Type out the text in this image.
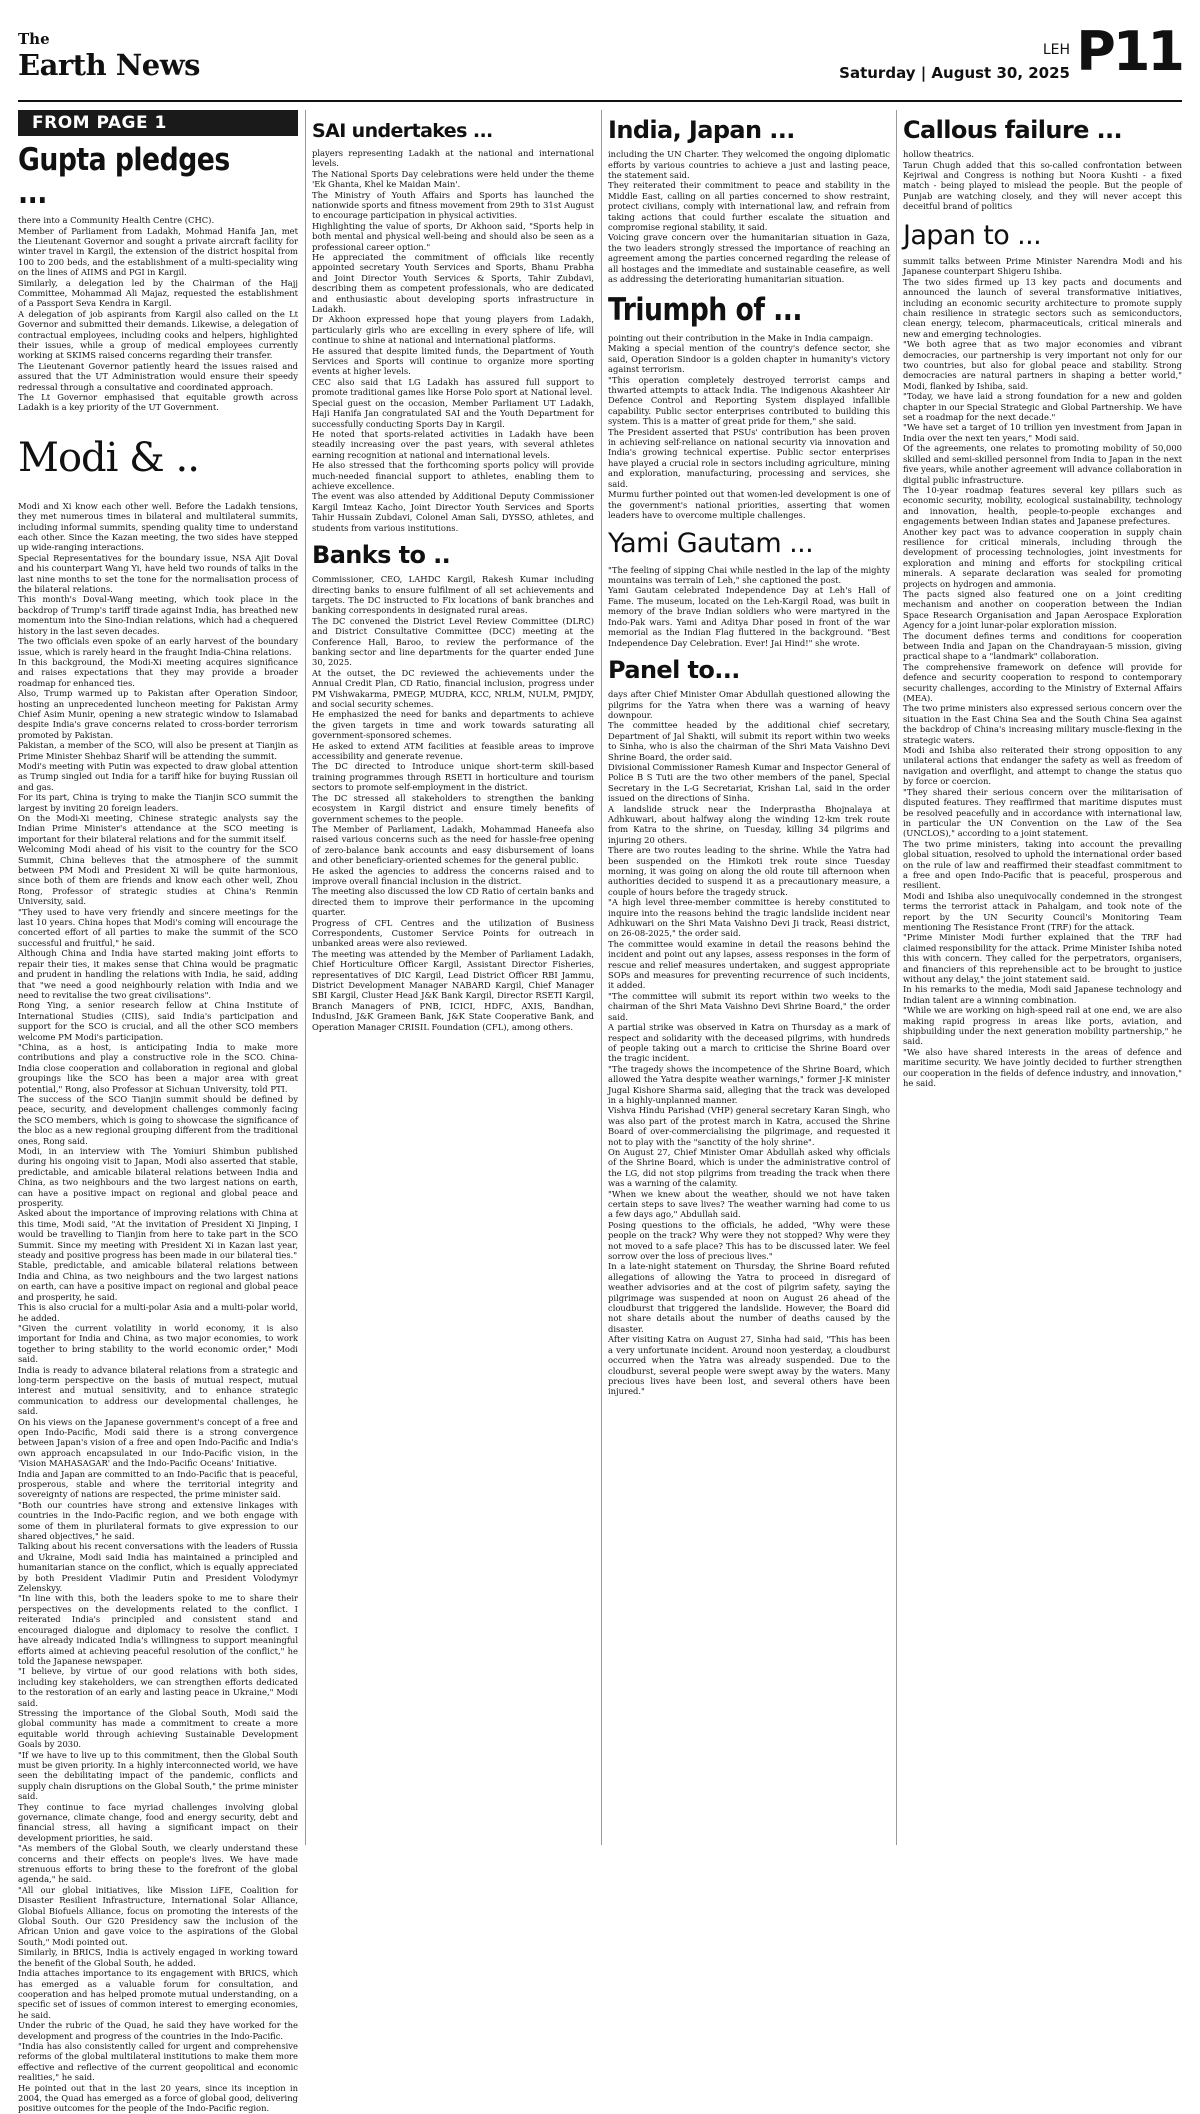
The
Earth News	LEH
Saturday | August 30, 2025 P11
FROM PAGE 1
Gupta pledges ...

there into a Community Health Centre (CHC).
Member of Parliament from Ladakh, Mohmad Hanifa Jan, met the Lieutenant Governor and sought a private aircraft facility for winter travel in Kargil, the extension of the district hospital from 100 to 200 beds, and the establishment of a multi-speciality wing on the lines of AIIMS and PGI in Kargil.
Similarly, a delegation led by the Chairman of the Hajj Committee, Mohammad Ali Majaz, requested the establishment of a Passport Seva Kendra in Kargil.
A delegation of job aspirants from Kargil also called on the Lt Governor and submitted their demands. Likewise, a delegation of contractual employees, including cooks and helpers, highlighted their issues, while a group of medical employees currently working at SKIMS raised concerns regarding their transfer.
The Lieutenant Governor patiently heard the issues raised and assured that the UT Administration would ensure their speedy redressal through a consultative and coordinated approach.
The Lt Governor emphasised that equitable growth across Ladakh is a key priority of the UT Government.

Modi & ..

Modi and Xi know each other well. Before the Ladakh tensions, they met numerous times in bilateral and multilateral summits, including informal summits, spending quality time to understand each other. Since the Kazan meeting, the two sides have stepped up wide-ranging interactions.
Special Representatives for the boundary issue, NSA Ajit Doval and his counterpart Wang Yi, have held two rounds of talks in the last nine months to set the tone for the normalisation process of the bilateral relations.
This month's Doval-Wang meeting, which took place in the backdrop of Trump's tariff tirade against India, has breathed new momentum into the Sino-Indian relations, which had a chequered history in the last seven decades.
The two officials even spoke of an early harvest of the boundary issue, which is rarely heard in the fraught India-China relations.
In this background, the Modi-Xi meeting acquires significance and raises expectations that they may provide a broader roadmap for enhanced ties.
Also, Trump warmed up to Pakistan after Operation Sindoor, hosting an unprecedented luncheon meeting for Pakistan Army Chief Asim Munir, opening a new strategic window to Islamabad despite India's grave concerns related to cross-border terrorism promoted by Pakistan.
Pakistan, a member of the SCO, will also be present at Tianjin as Prime Minister Shehbaz Sharif will be attending the summit.
Modi's meeting with Putin was expected to draw global attention as Trump singled out India for a tariff hike for buying Russian oil and gas.
For its part, China is trying to make the Tianjin SCO summit the largest by inviting 20 foreign leaders.
On the Modi-Xi meeting, Chinese strategic analysts say the Indian Prime Minister's attendance at the SCO meeting is important for their bilateral relations and for the summit itself.
Welcoming Modi ahead of his visit to the country for the SCO Summit, China believes that the atmosphere of the summit between PM Modi and President Xi will be quite harmonious, since both of them are friends and know each other well, Zhou Rong, Professor of strategic studies at China's Renmin University, said.
"They used to have very friendly and sincere meetings for the last 10 years. China hopes that Modi's coming will encourage the concerted effort of all parties to make the summit of the SCO successful and fruitful," he said.
Although China and India have started making joint efforts to repair their ties, it makes sense that China would be pragmatic and prudent in handling the relations with India, he said, adding that "we need a good neighbourly relation with India and we need to revitalise the two great civilisations".
Rong Ying, a senior research fellow at China Institute of International Studies (CIIS), said India's participation and support for the SCO is crucial, and all the other SCO members welcome PM Modi's participation.
"China, as a host, is anticipating India to make more contributions and play a constructive role in the SCO. China-India close cooperation and collaboration in regional and global groupings like the SCO has been a major area with great potential," Rong, also Professor at Sichuan University, told PTI.
The success of the SCO Tianjin summit should be defined by peace, security, and development challenges commonly facing the SCO members, which is going to showcase the significance of the bloc as a new regional grouping different from the traditional ones, Rong said.
Modi, in an interview with The Yomiuri Shimbun published during his ongoing visit to Japan, Modi also asserted that stable, predictable, and amicable bilateral relations between India and China, as two neighbours and the two largest nations on earth, can have a positive impact on regional and global peace and prosperity.
Asked about the importance of improving relations with China at this time, Modi said, "At the invitation of President Xi Jinping, I would be travelling to Tianjin from here to take part in the SCO Summit. Since my meeting with President Xi in Kazan last year, steady and positive progress has been made in our bilateral ties."
Stable, predictable, and amicable bilateral relations between India and China, as two neighbours and the two largest nations on earth, can have a positive impact on regional and global peace and prosperity, he said.
This is also crucial for a multi-polar Asia and a multi-polar world, he added.
"Given the current volatility in world economy, it is also important for India and China, as two major economies, to work together to bring stability to the world economic order," Modi said.
India is ready to advance bilateral relations from a strategic and long-term perspective on the basis of mutual respect, mutual interest and mutual sensitivity, and to enhance strategic communication to address our developmental challenges, he said.
On his views on the Japanese government's concept of a free and open Indo-Pacific, Modi said there is a strong convergence between Japan's vision of a free and open Indo-Pacific and India's own approach encapsulated in our Indo-Pacific vision, in the 'Vision MAHASAGAR' and the Indo-Pacific Oceans' Initiative.
India and Japan are committed to an Indo-Pacific that is peaceful, prosperous, stable and where the territorial integrity and sovereignty of nations are respected, the prime minister said.
"Both our countries have strong and extensive linkages with countries in the Indo-Pacific region, and we both engage with some of them in plurilateral formats to give expression to our shared objectives," he said.
Talking about his recent conversations with the leaders of Russia and Ukraine, Modi said India has maintained a principled and humanitarian stance on the conflict, which is equally appreciated by both President Vladimir Putin and President Volodymyr Zelenskyy.
"In line with this, both the leaders spoke to me to share their perspectives on the developments related to the conflict. I reiterated India's principled and consistent stand and encouraged dialogue and diplomacy to resolve the conflict. I have already indicated India's willingness to support meaningful efforts aimed at achieving peaceful resolution of the conflict," he told the Japanese newspaper.
"I believe, by virtue of our good relations with both sides, including key stakeholders, we can strengthen efforts dedicated to the restoration of an early and lasting peace in Ukraine," Modi said.
Stressing the importance of the Global South, Modi said the global community has made a commitment to create a more equitable world through achieving Sustainable Development Goals by 2030.
"If we have to live up to this commitment, then the Global South must be given priority. In a highly interconnected world, we have seen the debilitating impact of the pandemic, conflicts and supply chain disruptions on the Global South," the prime minister said.
They continue to face myriad challenges involving global governance, climate change, food and energy security, debt and financial stress, all having a significant impact on their development priorities, he said.
"As members of the Global South, we clearly understand these concerns and their effects on people's lives. We have made strenuous efforts to bring these to the forefront of the global agenda," he said.
"All our global initiatives, like Mission LiFE, Coalition for Disaster Resilient Infrastructure, International Solar Alliance, Global Biofuels Alliance, focus on promoting the interests of the Global South. Our G20 Presidency saw the inclusion of the African Union and gave voice to the aspirations of the Global South," Modi pointed out.
Similarly, in BRICS, India is actively engaged in working toward the benefit of the Global South, he added.
India attaches importance to its engagement with BRICS, which has emerged as a valuable forum for consultation, and cooperation and has helped promote mutual understanding, on a specific set of issues of common interest to emerging economies, he said.
Under the rubric of the Quad, he said they have worked for the development and progress of the countries in the Indo-Pacific.
"India has also consistently called for urgent and comprehensive reforms of the global multilateral institutions to make them more effective and reflective of the current geopolitical and economic realities," he said.
He pointed out that in the last 20 years, since its inception in 2004, the Quad has emerged as a force of global good, delivering positive outcomes for the people of the Indo-Pacific region.

SAI undertakes ...

players representing Ladakh at the national and international levels.
The National Sports Day celebrations were held under the theme 'Ek Ghanta, Khel ke Maidan Main'.
The Ministry of Youth Affairs and Sports has launched the nationwide sports and fitness movement from 29th to 31st August to encourage participation in physical activities.
Highlighting the value of sports, Dr Akhoon said, "Sports help in both mental and physical well-being and should also be seen as a professional career option."
He appreciated the commitment of officials like recently appointed secretary Youth Services and Sports, Bhanu Prabha and Joint Director Youth Services & Sports, Tahir Zubdavi, describing them as competent professionals, who are dedicated and enthusiastic about developing sports infrastructure in Ladakh.
Dr Akhoon expressed hope that young players from Ladakh, particularly girls who are excelling in every sphere of life, will continue to shine at national and international platforms.
He assured that despite limited funds, the Department of Youth Services and Sports will continue to organize more sporting events at higher levels.
CEC also said that LG Ladakh has assured full support to promote traditional games like Horse Polo sport at National level.
Special guest on the occasion, Member Parliament UT Ladakh, Haji Hanifa Jan congratulated SAI and the Youth Department for successfully conducting Sports Day in Kargil.
He noted that sports-related activities in Ladakh have been steadily increasing over the past years, with several athletes earning recognition at national and international levels.
He also stressed that the forthcoming sports policy will provide much-needed financial support to athletes, enabling them to achieve excellence.
The event was also attended by Additional Deputy Commissioner Kargil Imteaz Kacho, Joint Director Youth Services and Sports Tahir Hussain Zubdavi, Colonel Aman Sali, DYSSO, athletes, and students from various institutions.

Banks to ..

Commissioner, CEO, LAHDC Kargil, Rakesh Kumar including directing banks to ensure fulfilment of all set achievements and targets. The DC instructed to Fix locations of bank branches and banking correspondents in designated rural areas.
The DC convened the District Level Review Committee (DLRC) and District Consultative Committee (DCC) meeting at the Conference Hall, Baroo, to review the performance of the banking sector and line departments for the quarter ended June 30, 2025.
At the outset, the DC reviewed the achievements under the Annual Credit Plan, CD Ratio, financial inclusion, progress under PM Vishwakarma, PMEGP, MUDRA, KCC, NRLM, NULM, PMJDY, and social security schemes.
He emphasized the need for banks and departments to achieve the given targets in time and work towards saturating all government-sponsored schemes.
He asked to extend ATM facilities at feasible areas to improve accessibility and generate revenue.
The DC directed to Introduce unique short-term skill-based training programmes through RSETI in horticulture and tourism sectors to promote self-employment in the district.
The DC stressed all stakeholders to strengthen the banking ecosystem in Kargil district and ensure timely benefits of government schemes to the people.
The Member of Parliament, Ladakh, Mohammad Haneefa also raised various concerns such as the need for hassle-free opening of zero-balance bank accounts and easy disbursement of loans and other beneficiary-oriented schemes for the general public.
He asked the agencies to address the concerns raised and to improve overall financial inclusion in the district.
The meeting also discussed the low CD Ratio of certain banks and directed them to improve their performance in the upcoming quarter.
Progress of CFL Centres and the utilization of Business Correspondents, Customer Service Points for outreach in unbanked areas were also reviewed.
The meeting was attended by the Member of Parliament Ladakh, Chief Horticulture Officer Kargil, Assistant Director Fisheries, representatives of DIC Kargil, Lead District Officer RBI Jammu, District Development Manager NABARD Kargil, Chief Manager SBI Kargil, Cluster Head J&K Bank Kargil, Director RSETI Kargil, Branch Managers of PNB, ICICI, HDFC, AXIS, Bandhan, IndusInd, J&K Grameen Bank, J&K State Cooperative Bank, and Operation Manager CRISIL Foundation (CFL), among others.

India, Japan ...

including the UN Charter. They welcomed the ongoing diplomatic efforts by various countries to achieve a just and lasting peace, the statement said.
They reiterated their commitment to peace and stability in the Middle East, calling on all parties concerned to show restraint, protect civilians, comply with international law, and refrain from taking actions that could further escalate the situation and compromise regional stability, it said.
Voicing grave concern over the humanitarian situation in Gaza, the two leaders strongly stressed the importance of reaching an agreement among the parties concerned regarding the release of all hostages and the immediate and sustainable ceasefire, as well as addressing the deteriorating humanitarian situation.

Triumph of ...

pointing out their contribution in the Make in India campaign.
Making a special mention of the country's defence sector, she said, Operation Sindoor is a golden chapter in humanity's victory against terrorism.
"This operation completely destroyed terrorist camps and thwarted attempts to attack India. The indigenous Akashteer Air Defence Control and Reporting System displayed infallible capability. Public sector enterprises contributed to building this system. This is a matter of great pride for them," she said.
The President asserted that PSUs' contribution has been proven in achieving self-reliance on national security via innovation and India's growing technical expertise. Public sector enterprises have played a crucial role in sectors including agriculture, mining and exploration, manufacturing, processing and services, she said.
Murmu further pointed out that women-led development is one of the government's national priorities, asserting that women leaders have to overcome multiple challenges.

Yami Gautam ...

"The feeling of sipping Chai while nestled in the lap of the mighty mountains was terrain of Leh," she captioned the post.
Yami Gautam celebrated Independence Day at Leh's Hall of Fame. The museum, located on the Leh-Kargil Road, was built in memory of the brave Indian soldiers who were martyred in the Indo-Pak wars. Yami and Aditya Dhar posed in front of the war memorial as the Indian Flag fluttered in the background. "Best Independence Day Celebration. Ever! Jai Hind!" she wrote.

Panel to...

days after Chief Minister Omar Abdullah questioned allowing the pilgrims for the Yatra when there was a warning of heavy downpour.
The committee headed by the additional chief secretary, Department of Jal Shakti, will submit its report within two weeks to Sinha, who is also the chairman of the Shri Mata Vaishno Devi Shrine Board, the order said.
Divisional Commissioner Ramesh Kumar and Inspector General of Police B S Tuti are the two other members of the panel, Special Secretary in the L-G Secretariat, Krishan Lal, said in the order issued on the directions of Sinha.
A landslide struck near the Inderprastha Bhojnalaya at Adhkuwari, about halfway along the winding 12-km trek route from Katra to the shrine, on Tuesday, killing 34 pilgrims and injuring 20 others.
There are two routes leading to the shrine. While the Yatra had been suspended on the Himkoti trek route since Tuesday morning, it was going on along the old route till afternoon when authorities decided to suspend it as a precautionary measure, a couple of hours before the tragedy struck.
"A high level three-member committee is hereby constituted to inquire into the reasons behind the tragic landslide incident near Adhkuwari on the Shri Mata Vaishno Devi Ji track, Reasi district, on 26-08-2025," the order said.
The committee would examine in detail the reasons behind the incident and point out any lapses, assess responses in the form of rescue and relief measures undertaken, and suggest appropriate SOPs and measures for preventing recurrence of such incidents, it added.
"The committee will submit its report within two weeks to the chairman of the Shri Mata Vaishno Devi Shrine Board," the order said.
A partial strike was observed in Katra on Thursday as a mark of respect and solidarity with the deceased pilgrims, with hundreds of people taking out a march to criticise the Shrine Board over the tragic incident.
"The tragedy shows the incompetence of the Shrine Board, which allowed the Yatra despite weather warnings," former J-K minister Jugal Kishore Sharma said, alleging that the track was developed in a highly-unplanned manner.
Vishva Hindu Parishad (VHP) general secretary Karan Singh, who was also part of the protest march in Katra, accused the Shrine Board of over-commercialising the pilgrimage, and requested it not to play with the "sanctity of the holy shrine".
On August 27, Chief Minister Omar Abdullah asked why officials of the Shrine Board, which is under the administrative control of the LG, did not stop pilgrims from treading the track when there was a warning of the calamity.
"When we knew about the weather, should we not have taken certain steps to save lives? The weather warning had come to us a few days ago," Abdullah said.
Posing questions to the officials, he added, "Why were these people on the track? Why were they not stopped? Why were they not moved to a safe place? This has to be discussed later. We feel sorrow over the loss of precious lives."
In a late-night statement on Thursday, the Shrine Board refuted allegations of allowing the Yatra to proceed in disregard of weather advisories and at the cost of pilgrim safety, saying the pilgrimage was suspended at noon on August 26 ahead of the cloudburst that triggered the landslide. However, the Board did not share details about the number of deaths caused by the disaster.
After visiting Katra on August 27, Sinha had said, "This has been a very unfortunate incident. Around noon yesterday, a cloudburst occurred when the Yatra was already suspended. Due to the cloudburst, several people were swept away by the waters. Many precious lives have been lost, and several others have been injured."

Callous failure ...

hollow theatrics.
Tarun Chugh added that this so-called confrontation between Kejriwal and Congress is nothing but Noora Kushti - a fixed match - being played to mislead the people. But the people of Punjab are watching closely, and they will never accept this deceitful brand of politics

Japan to ...

summit talks between Prime Minister Narendra Modi and his Japanese counterpart Shigeru Ishiba.
The two sides firmed up 13 key pacts and documents and announced the launch of several transformative initiatives, including an economic security architecture to promote supply chain resilience in strategic sectors such as semiconductors, clean energy, telecom, pharmaceuticals, critical minerals and new and emerging technologies.
"We both agree that as two major economies and vibrant democracies, our partnership is very important not only for our two countries, but also for global peace and stability. Strong democracies are natural partners in shaping a better world," Modi, flanked by Ishiba, said.
"Today, we have laid a strong foundation for a new and golden chapter in our Special Strategic and Global Partnership. We have set a roadmap for the next decade."
"We have set a target of 10 trillion yen investment from Japan in India over the next ten years," Modi said.
Of the agreements, one relates to promoting mobility of 50,000 skilled and semi-skilled personnel from India to Japan in the next five years, while another agreement will advance collaboration in digital public infrastructure.
The 10-year roadmap features several key pillars such as economic security, mobility, ecological sustainability, technology and innovation, health, people-to-people exchanges and engagements between Indian states and Japanese prefectures.
Another key pact was to advance cooperation in supply chain resilience for critical minerals, including through the development of processing technologies, joint investments for exploration and mining and efforts for stockpiling critical minerals. A separate declaration was sealed for promoting projects on hydrogen and ammonia.
The pacts signed also featured one on a joint crediting mechanism and another on cooperation between the Indian Space Research Organisation and Japan Aerospace Exploration Agency for a joint lunar-polar exploration mission.
The document defines terms and conditions for cooperation between India and Japan on the Chandrayaan-5 mission, giving practical shape to a "landmark" collaboration.
The comprehensive framework on defence will provide for defence and security cooperation to respond to contemporary security challenges, according to the Ministry of External Affairs (MEA).
The two prime ministers also expressed serious concern over the situation in the East China Sea and the South China Sea against the backdrop of China's increasing military muscle-flexing in the strategic waters.
Modi and Ishiba also reiterated their strong opposition to any unilateral actions that endanger the safety as well as freedom of navigation and overflight, and attempt to change the status quo by force or coercion.
"They shared their serious concern over the militarisation of disputed features. They reaffirmed that maritime disputes must be resolved peacefully and in accordance with international law, in particular the UN Convention on the Law of the Sea (UNCLOS)," according to a joint statement.
The two prime ministers, taking into account the prevailing global situation, resolved to uphold the international order based on the rule of law and reaffirmed their steadfast commitment to a free and open Indo-Pacific that is peaceful, prosperous and resilient.
Modi and Ishiba also unequivocally condemned in the strongest terms the terrorist attack in Pahalgam, and took note of the report by the UN Security Council's Monitoring Team mentioning The Resistance Front (TRF) for the attack.
"Prime Minister Modi further explained that the TRF had claimed responsibility for the attack. Prime Minister Ishiba noted this with concern. They called for the perpetrators, organisers, and financiers of this reprehensible act to be brought to justice without any delay," the joint statement said.
In his remarks to the media, Modi said Japanese technology and Indian talent are a winning combination.
"While we are working on high-speed rail at one end, we are also making rapid progress in areas like ports, aviation, and shipbuilding under the next generation mobility partnership," he said.
"We also have shared interests in the areas of defence and maritime security. We have jointly decided to further strengthen our cooperation in the fields of defence industry, and innovation," he said.
